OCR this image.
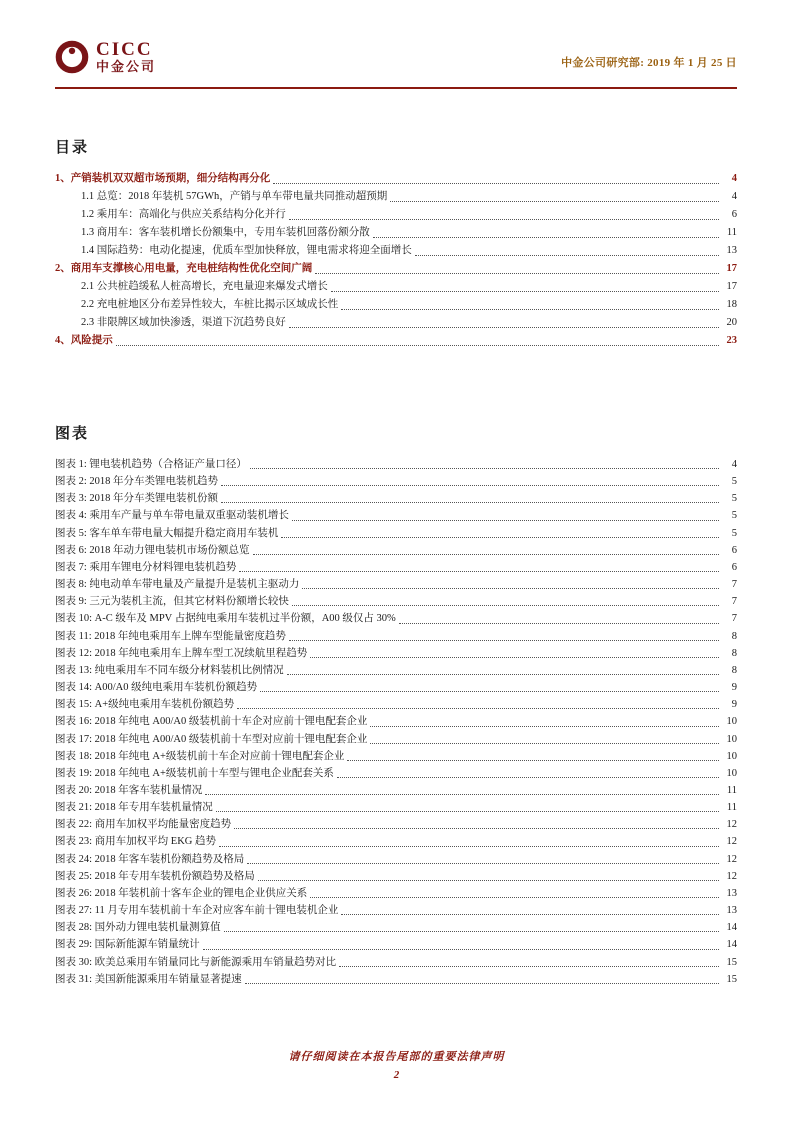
CICC
中金公司	中金公司研究部: 2019 年 1 月 25 日
目录
1、产销装机双双超市场预期，细分结构再分化	4
1.1 总览：2018 年装机 57GWh，产销与单车带电量共同推动超预期	4
1.2 乘用车：高端化与供应关系结构分化并行	6
1.3 商用车：客车装机增长份额集中，专用车装机回落份额分散	11
1.4 国际趋势：电动化提速，优质车型加快释放，锂电需求将迎全面增长	13
2、商用车支撑核心用电量，充电桩结构性优化空间广阔	17
2.1 公共桩趋缓私人桩高增长，充电量迎来爆发式增长	17
2.2 充电桩地区分布差异性较大，车桩比揭示区域成长性	18
2.3 非限牌区域加快渗透，渠道下沉趋势良好	20
4、风险提示	23
图表
图表 1: 锂电装机趋势（合格证产量口径）	4
图表 2: 2018 年分车类锂电装机趋势	5
图表 3: 2018 年分车类锂电装机份额	5
图表 4: 乘用车产量与单车带电量双重驱动装机增长	5
图表 5: 客车单车带电量大幅提升稳定商用车装机	5
图表 6: 2018 年动力锂电装机市场份额总览	6
图表 7: 乘用车锂电分材料锂电装机趋势	6
图表 8: 纯电动单车带电量及产量提升是装机主驱动力	7
图表 9: 三元为装机主流，但其它材料份额增长较快	7
图表 10: A-C 级车及 MPV 占据纯电乘用车装机过半份额，A00 级仅占 30%	7
图表 11: 2018 年纯电乘用车上牌车型能量密度趋势	8
图表 12: 2018 年纯电乘用车上牌车型工况续航里程趋势	8
图表 13: 纯电乘用车不同车级分材料装机比例情况	8
图表 14: A00/A0 级纯电乘用车装机份额趋势	9
图表 15: A+级纯电乘用车装机份额趋势	9
图表 16: 2018 年纯电 A00/A0 级装机前十车企对应前十锂电配套企业	10
图表 17: 2018 年纯电 A00/A0 级装机前十车型对应前十锂电配套企业	10
图表 18: 2018 年纯电 A+级装机前十车企对应前十锂电配套企业	10
图表 19: 2018 年纯电 A+级装机前十车型与锂电企业配套关系	10
图表 20: 2018 年客车装机量情况	11
图表 21: 2018 年专用车装机量情况	11
图表 22: 商用车加权平均能量密度趋势	12
图表 23: 商用车加权平均 EKG 趋势	12
图表 24: 2018 年客车装机份额趋势及格局	12
图表 25: 2018 年专用车装机份额趋势及格局	12
图表 26: 2018 年装机前十客车企业的锂电企业供应关系	13
图表 27: 11 月专用车装机前十车企对应客车前十锂电装机企业	13
图表 28: 国外动力锂电装机量测算值	14
图表 29: 国际新能源车销量统计	14
图表 30: 欧美总乘用车销量同比与新能源乘用车销量趋势对比	15
图表 31: 美国新能源乘用车销量显著提速	15
请仔细阅读在本报告尾部的重要法律声明
2
